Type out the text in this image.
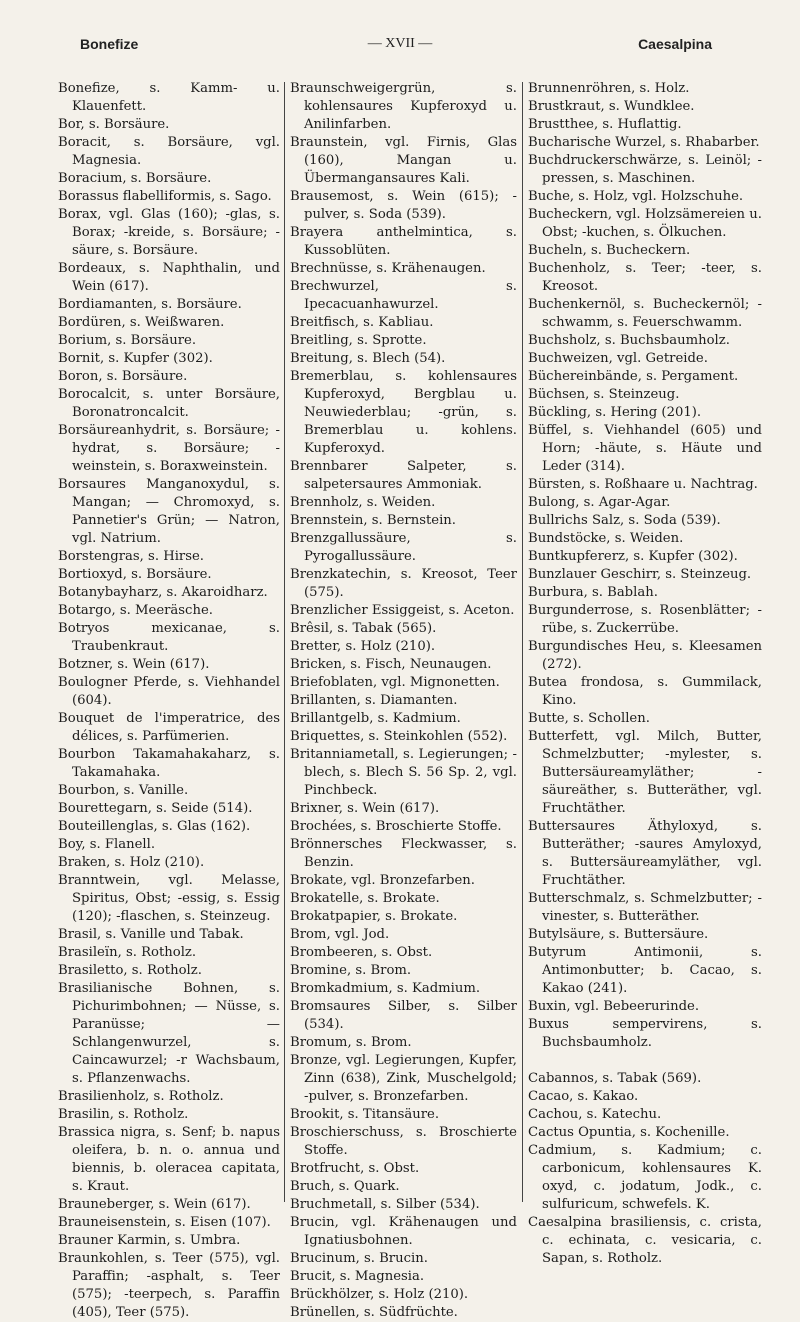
Bonefize	— XVII —	Caesalpina
Bonefize, s. Kamm- u. Klauenfett.
Bor, s. Borsäure.
Boracit, s. Borsäure, vgl. Magnesia.
Boracium, s. Borsäure.
Borassus flabelliformis, s. Sago.
Borax, vgl. Glas (160); -glas, s. Borax; -kreide, s. Borsäure; -säure, s. Borsäure.
Bordeaux, s. Naphthalin, und Wein (617).
Bordiamanten, s. Borsäure.
Bordüren, s. Weißwaren.
Borium, s. Borsäure.
Bornit, s. Kupfer (302).
Boron, s. Borsäure.
Borocalcit, s. unter Borsäure, Boronatroncalcit.
Borsäureanhydrit, s. Borsäure; -hydrat, s. Borsäure; -weinstein, s. Boraxweinstein.
Borsaures Manganoxydul, s. Mangan; — Chromoxyd, s. Pannetier's Grün; — Natron, vgl. Natrium.
Borstengras, s. Hirse.
Bortioxyd, s. Borsäure.
Botanybayharz, s. Akaroidharz.
Botargo, s. Meeräsche.
Botryos mexicanae, s. Traubenkraut.
Botzner, s. Wein (617).
Boulogner Pferde, s. Viehhandel (604).
Bouquet de l'imperatrice, des délices, s. Parfümerien.
Bourbon Takamahakaharz, s. Takamahaka.
Bourbon, s. Vanille.
Bourettegarn, s. Seide (514).
Bouteillenglas, s. Glas (162).
Boy, s. Flanell.
Braken, s. Holz (210).
Branntwein, vgl. Melasse, Spiritus, Obst; -essig, s. Essig (120); -flaschen, s. Steinzeug.
Brasil, s. Vanille und Tabak.
Brasileïn, s. Rotholz.
Brasiletto, s. Rotholz.
Brasilianische Bohnen, s. Pichurimbohnen; — Nüsse, s. Paranüsse; — Schlangenwurzel, s. Caincawurzel; -r Wachsbaum, s. Pflanzenwachs.
Brasilienholz, s. Rotholz.
Brasilin, s. Rotholz.
Brassica nigra, s. Senf; b. napus oleifera, b. n. o. annua und biennis, b. oleracea capitata, s. Kraut.
Brauneberger, s. Wein (617).
Brauneisenstein, s. Eisen (107).
Brauner Karmin, s. Umbra.
Braunkohlen, s. Teer (575), vgl. Paraffin; -asphalt, s. Teer (575); -teerpech, s. Paraffin (405), Teer (575).
Braunschweigergrün, s. kohlensaures Kupferoxyd u. Anilinfarben.
Braunstein, vgl. Firnis, Glas (160), Mangan u. Übermangansaures Kali.
Brausemost, s. Wein (615); -pulver, s. Soda (539).
Brayera anthelmintica, s. Kussoblüten.
Brechnüsse, s. Krähenaugen.
Brechwurzel, s. Ipecacuanhawurzel.
Breitfisch, s. Kabliau.
Breitling, s. Sprotte.
Breitung, s. Blech (54).
Bremerblau, s. kohlensaures Kupferoxyd, Bergblau u. Neuwiederblau; -grün, s. Bremerblau u. kohlens. Kupferoxyd.
Brennbarer Salpeter, s. salpetersaures Ammoniak.
Brennholz, s. Weiden.
Brennstein, s. Bernstein.
Brenzgallussäure, s. Pyrogallussäure.
Brenzkatechin, s. Kreosot, Teer (575).
Brenzlicher Essiggeist, s. Aceton.
Brêsil, s. Tabak (565).
Bretter, s. Holz (210).
Bricken, s. Fisch, Neunaugen.
Briefoblaten, vgl. Mignonetten.
Brillanten, s. Diamanten.
Brillantgelb, s. Kadmium.
Briquettes, s. Steinkohlen (552).
Britanniametall, s. Legierungen; -blech, s. Blech S. 56 Sp. 2, vgl. Pinchbeck.
Brixner, s. Wein (617).
Brochées, s. Broschierte Stoffe.
Brönnersches Fleckwasser, s. Benzin.
Brokate, vgl. Bronzefarben.
Brokatelle, s. Brokate.
Brokatpapier, s. Brokate.
Brom, vgl. Jod.
Brombeeren, s. Obst.
Bromine, s. Brom.
Bromkadmium, s. Kadmium.
Bromsaures Silber, s. Silber (534).
Bromum, s. Brom.
Bronze, vgl. Legierungen, Kupfer, Zinn (638), Zink, Muschelgold; -pulver, s. Bronzefarben.
Brookit, s. Titansäure.
Broschierschuss, s. Broschierte Stoffe.
Brotfrucht, s. Obst.
Bruch, s. Quark.
Bruchmetall, s. Silber (534).
Brucin, vgl. Krähenaugen und Ignatiusbohnen.
Brucinum, s. Brucin.
Brucit, s. Magnesia.
Brückhölzer, s. Holz (210).
Brünellen, s. Südfrüchte.
Brunnenröhren, s. Holz.
Brustkraut, s. Wundklee.
Brustthee, s. Huflattig.
Bucharische Wurzel, s. Rhabarber.
Buchdruckerschwärze, s. Leinöl; -pressen, s. Maschinen.
Buche, s. Holz, vgl. Holzschuhe.
Bucheckern, vgl. Holzsämereien u. Obst; -kuchen, s. Ölkuchen.
Bucheln, s. Bucheckern.
Buchenholz, s. Teer; -teer, s. Kreosot.
Buchenkernöl, s. Bucheckernöl; -schwamm, s. Feuerschwamm.
Buchsholz, s. Buchsbaumholz.
Buchweizen, vgl. Getreide.
Büchereinbände, s. Pergament.
Büchsen, s. Steinzeug.
Bückling, s. Hering (201).
Büffel, s. Viehhandel (605) und Horn; -häute, s. Häute und Leder (314).
Bürsten, s. Roßhaare u. Nachtrag.
Bulong, s. Agar-Agar.
Bullrichs Salz, s. Soda (539).
Bundstöcke, s. Weiden.
Buntkupfererz, s. Kupfer (302).
Bunzlauer Geschirr, s. Steinzeug.
Burbura, s. Bablah.
Burgunderrose, s. Rosenblätter; -rübe, s. Zuckerrübe.
Burgundisches Heu, s. Kleesamen (272).
Butea frondosa, s. Gummilack, Kino.
Butte, s. Schollen.
Butterfett, vgl. Milch, Butter, Schmelzbutter; -mylester, s. Buttersäureamyläther; -säureäther, s. Butteräther, vgl. Fruchtäther.
Buttersaures Äthyloxyd, s. Butteräther; -saures Amyloxyd, s. Buttersäureamyläther, vgl. Fruchtäther.
Butterschmalz, s. Schmelzbutter; -vinester, s. Butteräther.
Butylsäure, s. Buttersäure.
Butyrum Antimonii, s. Antimonbutter; b. Cacao, s. Kakao (241).
Buxin, vgl. Bebeerurinde.
Buxus sempervirens, s. Buchsbaumholz.
Cabannos, s. Tabak (569).
Cacao, s. Kakao.
Cachou, s. Katechu.
Cactus Opuntia, s. Kochenille.
Cadmium, s. Kadmium; c. carbonicum, kohlensaures K. oxyd, c. jodatum, Jodk., c. sulfuricum, schwefels. K.
Caesalpina brasiliensis, c. crista, c. echinata, c. vesicaria, c. Sapan, s. Rotholz.
